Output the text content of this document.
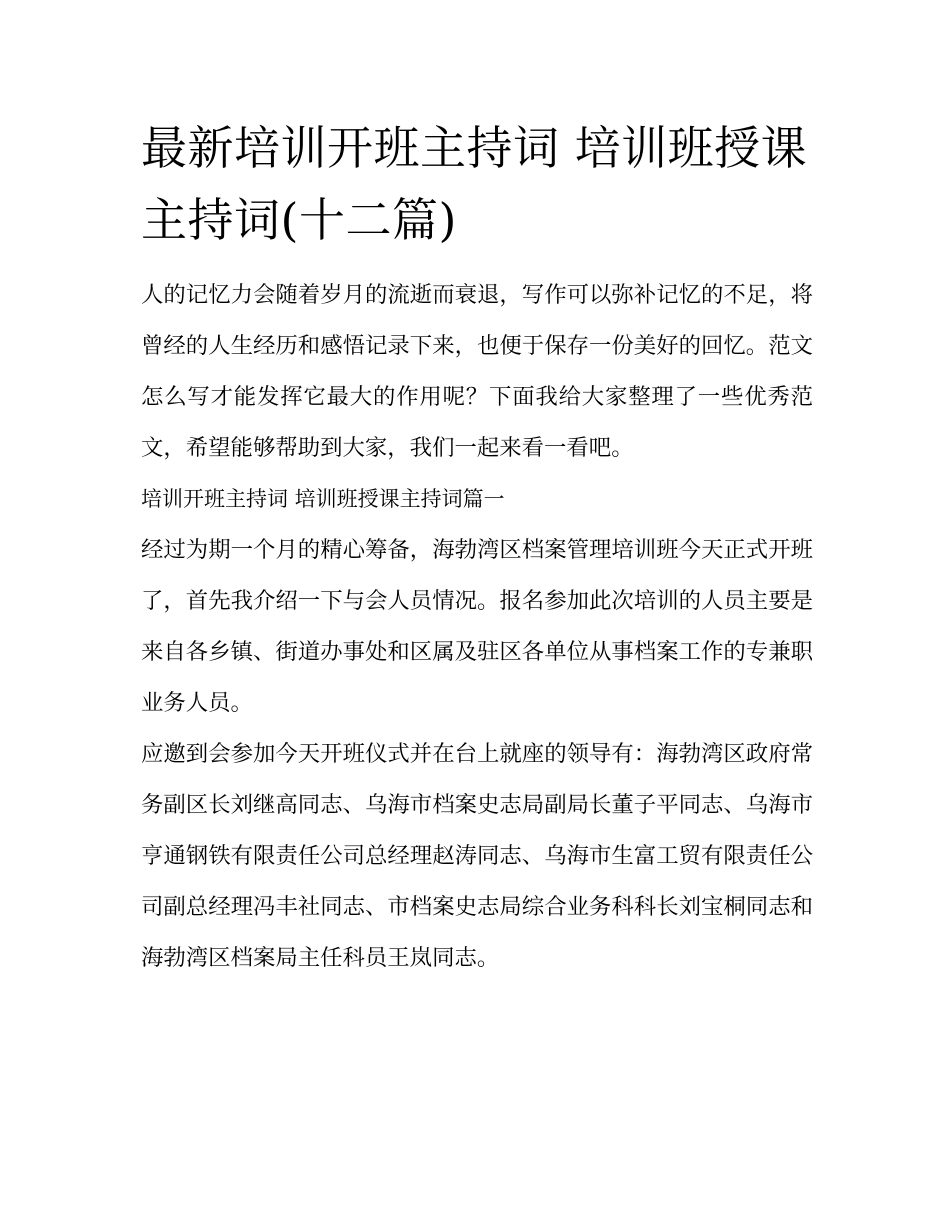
最新培训开班主持词 培训班授课主持词(十二篇)

人的记忆力会随着岁月的流逝而衰退，写作可以弥补记忆的不足，将曾经的人生经历和感悟记录下来，也便于保存一份美好的回忆。范文怎么写才能发挥它最大的作用呢？下面我给大家整理了一些优秀范文，希望能够帮助到大家，我们一起来看一看吧。

培训开班主持词 培训班授课主持词篇一

经过为期一个月的精心筹备，海勃湾区档案管理培训班今天正式开班了，首先我介绍一下与会人员情况。报名参加此次培训的人员主要是来自各乡镇、街道办事处和区属及驻区各单位从事档案工作的专兼职业务人员。

应邀到会参加今天开班仪式并在台上就座的领导有：海勃湾区政府常务副区长刘继高同志、乌海市档案史志局副局长董子平同志、乌海市亨通钢铁有限责任公司总经理赵涛同志、乌海市生富工贸有限责任公司副总经理冯丰社同志、市档案史志局综合业务科科长刘宝桐同志和海勃湾区档案局主任科员王岚同志。
